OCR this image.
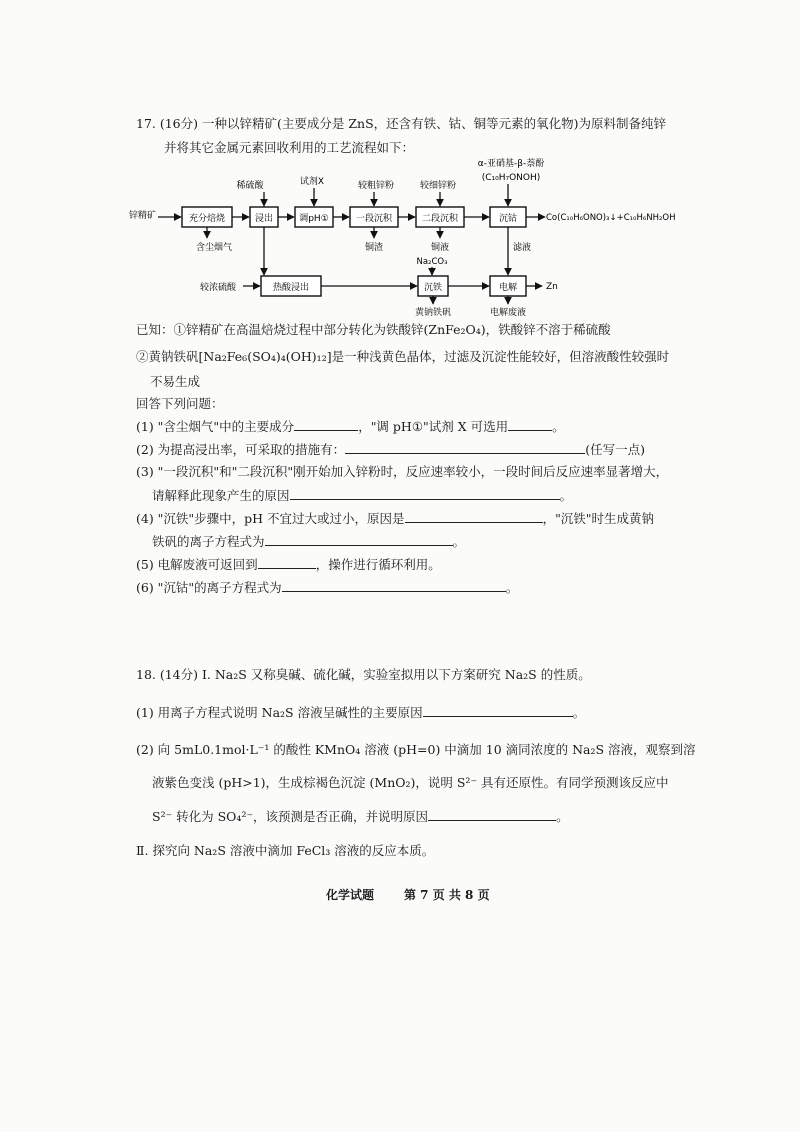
17. (16分) 一种以锌精矿(主要成分是 ZnS，还含有铁、钴、铜等元素的氧化物)为原料制备纯锌
并将其它金属元素回收利用的工艺流程如下：
稀硫酸	试剂X	较粗锌粉	较细锌粉
α-亚硝基-β-萘酚
(C₁₀H₇ONOH)
锌精矿	充分焙烧	浸出	调pH①	一段沉积	二段沉积	沉钴	Co(C₁₀H₆ONO)₃↓+C₁₀H₆NH₂OH
含尘烟气	铜渣	铜液	滤液
较浓硫酸	热酸浸出
Na₂CO₃
沉铁
黄钠铁矾
电解	Zn
电解废液
已知：①锌精矿在高温焙烧过程中部分转化为铁酸锌(ZnFe₂O₄)，铁酸锌不溶于稀硫酸
②黄钠铁矾[Na₂Fe₆(SO₄)₄(OH)₁₂]是一种浅黄色晶体，过滤及沉淀性能较好，但溶液酸性较强时
不易生成
回答下列问题：
(1) "含尘烟气"中的主要成分	，"调 pH①"试剂 X 可选用	。
(2) 为提高浸出率，可采取的措施有：	(任写一点)
(3) "一段沉积"和"二段沉积"刚开始加入锌粉时，反应速率较小，一段时间后反应速率显著增大，
请解释此现象产生的原因	。
(4) "沉铁"步骤中，pH 不宜过大或过小，原因是	，"沉铁"时生成黄钠
铁矾的离子方程式为	。
(5) 电解废液可返回到	，操作进行循环利用。
(6) "沉钴"的离子方程式为	。
18. (14分) Ⅰ. Na₂S 又称臭碱、硫化碱，实验室拟用以下方案研究 Na₂S 的性质。
(1) 用离子方程式说明 Na₂S 溶液呈碱性的主要原因	。
(2) 向 5mL0.1mol·L⁻¹ 的酸性 KMnO₄ 溶液 (pH=0) 中滴加 10 滴同浓度的 Na₂S 溶液，观察到溶
液紫色变浅 (pH>1)，生成棕褐色沉淀 (MnO₂)，说明 S²⁻ 具有还原性。有同学预测该反应中
S²⁻ 转化为 SO₄²⁻，该预测是否正确，并说明原因	。
Ⅱ. 探究向 Na₂S 溶液中滴加 FeCl₃ 溶液的反应本质。
化学试题 第 7 页 共 8 页
